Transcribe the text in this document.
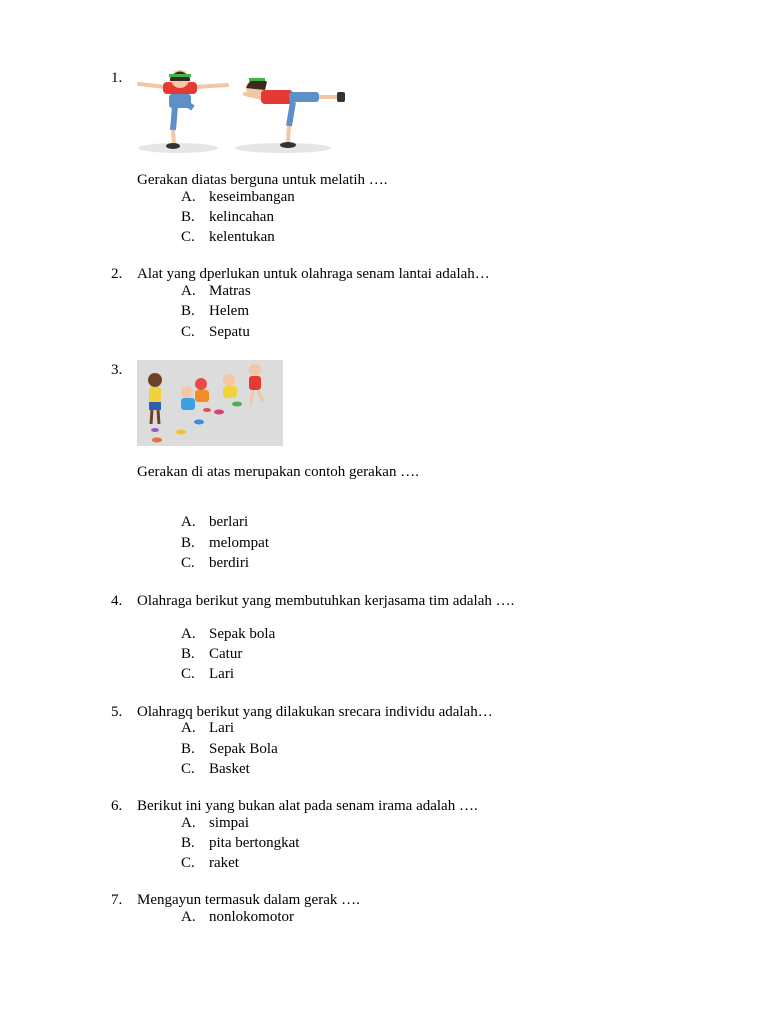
1.
Gerakan diatas berguna untuk melatih ….
A. keseimbangan
B. kelincahan
C. kelentukan
2. Alat yang dperlukan untuk olahraga senam lantai adalah…
A. Matras
B. Helem
C. Sepatu
3.
Gerakan di atas merupakan contoh gerakan ….
A. berlari
B. melompat
C. berdiri
4. Olahraga berikut yang membutuhkan kerjasama tim adalah ….
A. Sepak bola
B. Catur
C. Lari
5. Olahragq berikut yang dilakukan srecara individu adalah…
A. Lari
B. Sepak Bola
C. Basket
6. Berikut ini yang bukan alat pada senam irama adalah ….
A. simpai
B. pita bertongkat
C. raket
7. Mengayun termasuk dalam gerak ….
A. nonlokomotor
